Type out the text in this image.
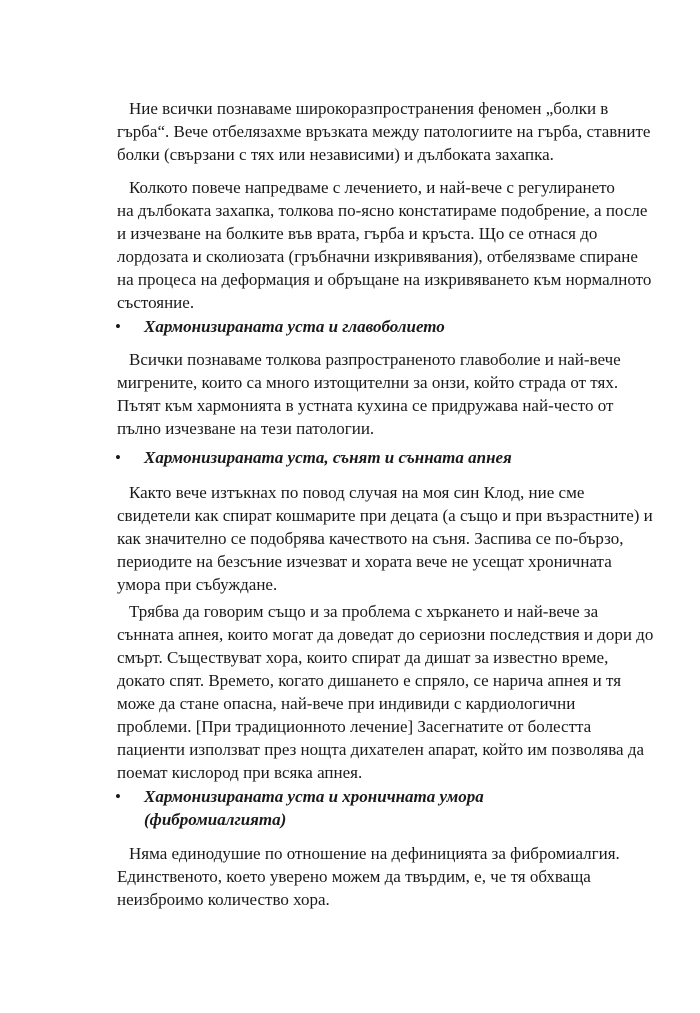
Ние всички познаваме широкоразпространения феномен „болки в
гърба“. Вече отбелязахме връзката между патологиите на гърба, ставните
болки (свързани с тях или независими) и дълбоката захапка.

Колкото повече напредваме с лечението, и най-вече с регулирането
на дълбоката захапка, толкова по-ясно констатираме подобрение, а после
и изчезване на болките във врата, гърба и кръста. Що се отнася до
лордозата и сколиозата (гръбначни изкривявания), отбелязваме спиране
на процеса на деформация и обръщане на изкривяването към нормалното
състояние.

• Хармонизираната уста и главоболието

Всички познаваме толкова разпространеното главоболие и най-вече
мигрените, които са много изтощителни за онзи, който страда от тях.
Пътят към хармонията в устната кухина се придружава най-често от
пълно изчезване на тези патологии.

• Хармонизираната уста, сънят и сънната апнея

Както вече изтъкнах по повод случая на моя син Клод, ние сме
свидетели как спират кошмарите при децата (а също и при възрастните) и
как значително се подобрява качеството на съня. Заспива се по-бързо,
периодите на безсъние изчезват и хората вече не усещат хроничната
умора при събуждане.

Трябва да говорим също и за проблема с хъркането и най-вече за
сънната апнея, които могат да доведат до сериозни последствия и дори до
смърт. Съществуват хора, които спират да дишат за известно време,
докато спят. Времето, когато дишането е спряло, се нарича апнея и тя
може да стане опасна, най-вече при индивиди с кардиологични
проблеми. [При традиционното лечение] Засегнатите от болестта
пациенти използват през нощта дихателен апарат, който им позволява да
поемат кислород при всяка апнея.

• Хармонизираната уста и хроничната умора
(фибромиалгията)

Няма единодушие по отношение на дефиницията за фибромиалгия.
Единственото, което уверено можем да твърдим, е, че тя обхваща
неизброимо количество хора.
